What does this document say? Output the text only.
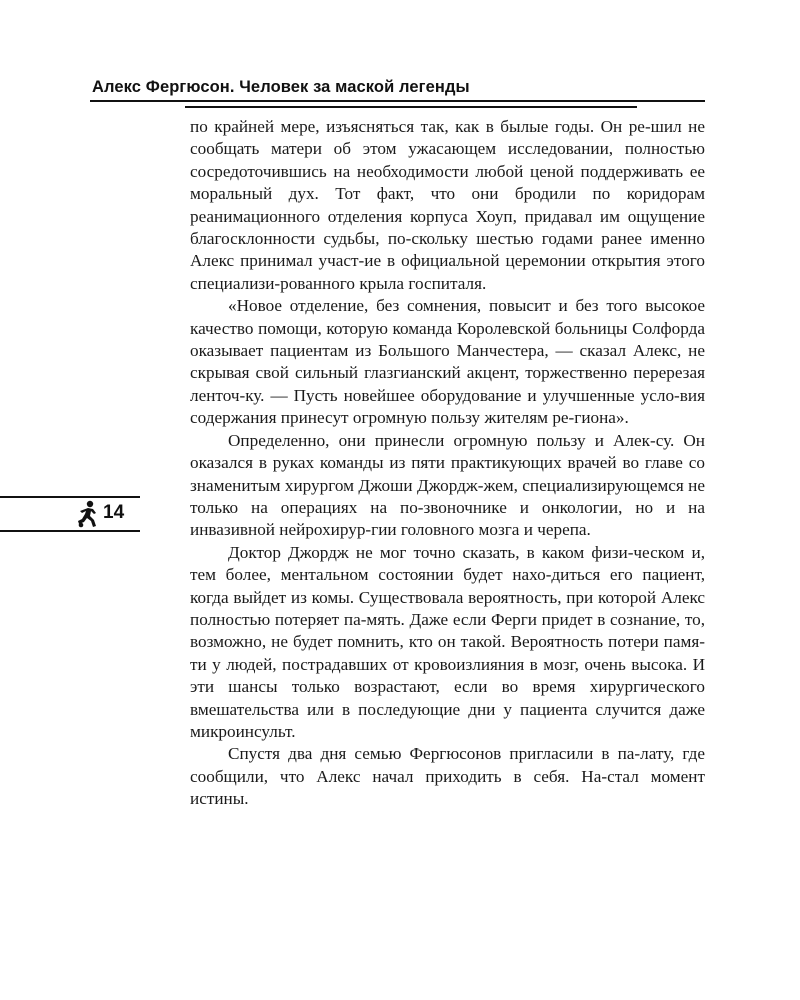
Алекс Фергюсон. Человек за маской легенды

по крайней мере, изъясняться так, как в былые годы. Он ре-шил не сообщать матери об этом ужасающем исследовании, полностью сосредоточившись на необходимости любой ценой поддерживать ее моральный дух. Тот факт, что они бродили по коридорам реанимационного отделения корпуса Хоуп, придавал им ощущение благосклонности судьбы, по-скольку шестью годами ранее именно Алекс принимал участ-ие в официальной церемонии открытия этого специализи-рованного крыла госпиталя.

«Новое отделение, без сомнения, повысит и без того высокое качество помощи, которую команда Королевской больницы Солфорда оказывает пациентам из Большого Манчестера, — сказал Алекс, не скрывая свой сильный глазгианский акцент, торжественно перерезая ленточ-ку. — Пусть новейшее оборудование и улучшенные усло-вия содержания принесут огромную пользу жителям ре-гиона».

Определенно, они принесли огромную пользу и Алек-су. Он оказался в руках команды из пяти практикующих врачей во главе со знаменитым хирургом Джоши Джордж-жем, специализирующемся не только на операциях на по-звоночнике и онкологии, но и на инвазивной нейрохирур-гии головного мозга и черепа.

Доктор Джордж не мог точно сказать, в каком физи-ческом и, тем более, ментальном состоянии будет нахо-диться его пациент, когда выйдет из комы. Существовала вероятность, при которой Алекс полностью потеряет па-мять. Даже если Ферги придет в сознание, то, возможно, не будет помнить, кто он такой. Вероятность потери памя-ти у людей, пострадавших от кровоизлияния в мозг, очень высока. И эти шансы только возрастают, если во время хирургического вмешательства или в последующие дни у пациента случится даже микроинсульт.

Спустя два дня семью Фергюсонов пригласили в па-лату, где сообщили, что Алекс начал приходить в себя. На-стал момент истины.

14
